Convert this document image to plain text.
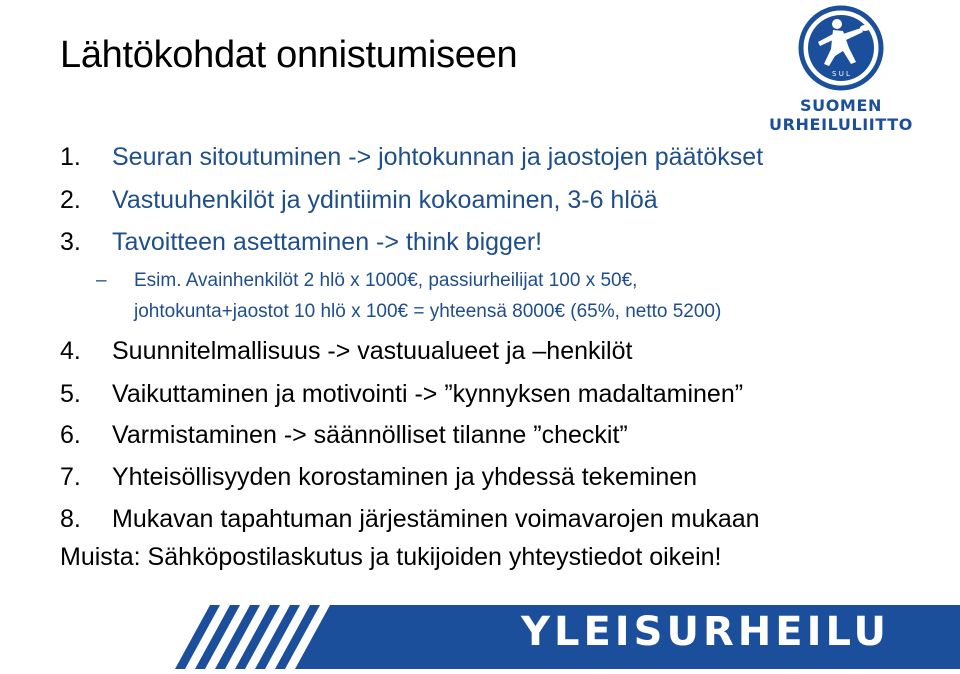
Lähtökohdat onnistumiseen	S U L
SUOMEN URHEILULIITTO
1. Seuran sitoutuminen -> johtokunnan ja jaostojen päätökset
2. Vastuuhenkilöt ja ydintiimin kokoaminen, 3-6 hlöä
3. Tavoitteen asettaminen -> think bigger!
– Esim. Avainhenkilöt 2 hlö x 1000€, passiurheilijat 100 x 50€,
johtokunta+jaostot 10 hlö x 100€ = yhteensä 8000€ (65%, netto 5200)
4. Suunnitelmallisuus -> vastuualueet ja –henkilöt
5. Vaikuttaminen ja motivointi -> ”kynnyksen madaltaminen”
6. Varmistaminen -> säännölliset tilanne ”checkit”
7. Yhteisöllisyyden korostaminen ja yhdessä tekeminen
8. Mukavan tapahtuman järjestäminen voimavarojen mukaan
Muista: Sähköpostilaskutus ja tukijoiden yhteystiedot oikein!
YLEISURHEILU
